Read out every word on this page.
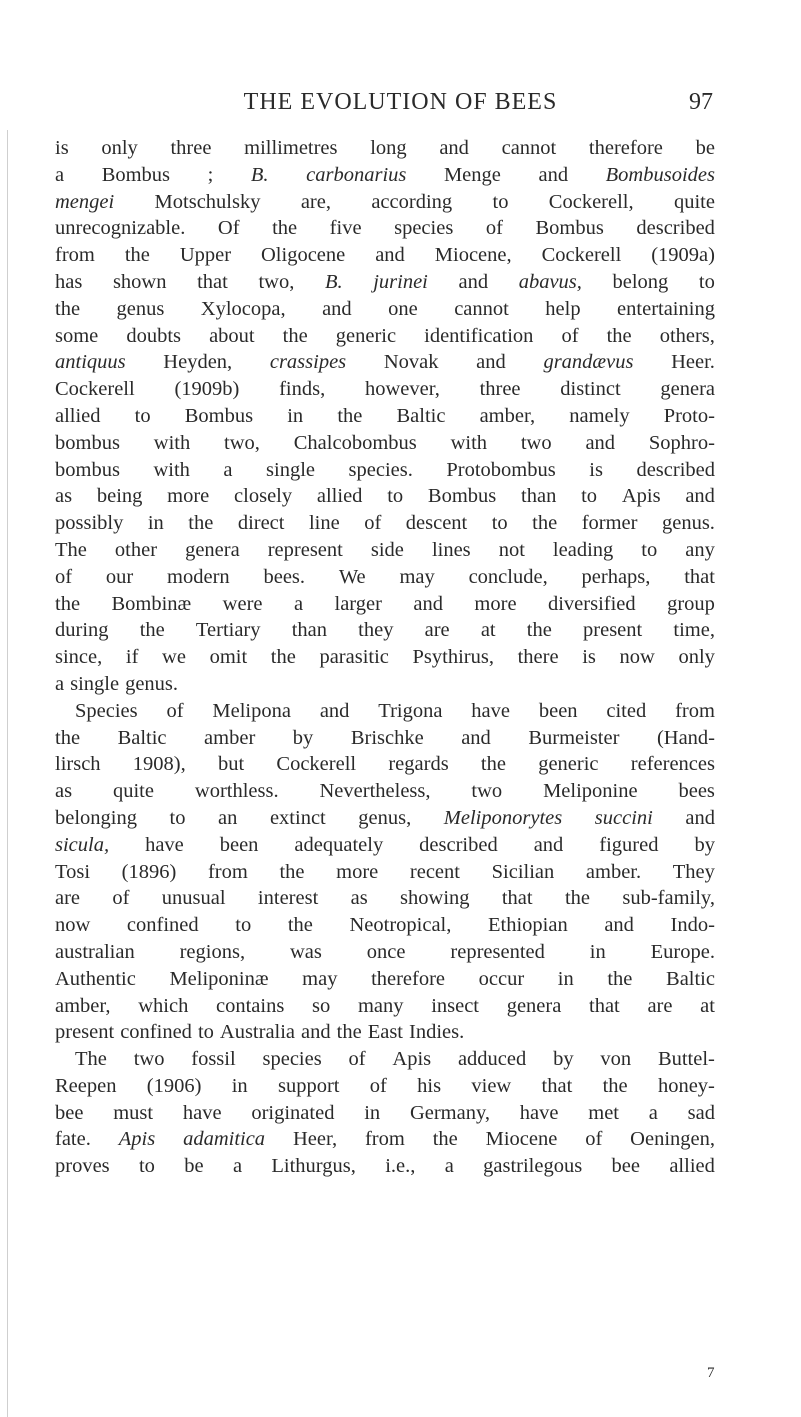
THE EVOLUTION OF BEES	97
is only three millimetres long and cannot therefore be
a Bombus ; B. carbonarius Menge and Bombusoides
mengei Motschulsky are, according to Cockerell, quite
unrecognizable. Of the five species of Bombus described
from the Upper Oligocene and Miocene, Cockerell (1909a)
has shown that two, B. jurinei and abavus, belong to
the genus Xylocopa, and one cannot help entertaining
some doubts about the generic identification of the others,
antiquus Heyden, crassipes Novak and grandævus Heer.
Cockerell (1909b) finds, however, three distinct genera
allied to Bombus in the Baltic amber, namely Proto-
bombus with two, Chalcobombus with two and Sophro-
bombus with a single species. Protobombus is described
as being more closely allied to Bombus than to Apis and
possibly in the direct line of descent to the former genus.
The other genera represent side lines not leading to any
of our modern bees. We may conclude, perhaps, that
the Bombinæ were a larger and more diversified group
during the Tertiary than they are at the present time,
since, if we omit the parasitic Psythirus, there is now only
a single genus.
Species of Melipona and Trigona have been cited from
the Baltic amber by Brischke and Burmeister (Hand-
lirsch 1908), but Cockerell regards the generic references
as quite worthless. Nevertheless, two Meliponine bees
belonging to an extinct genus, Meliponorytes succini and
sicula, have been adequately described and figured by
Tosi (1896) from the more recent Sicilian amber. They
are of unusual interest as showing that the sub-family,
now confined to the Neotropical, Ethiopian and Indo-
australian regions, was once represented in Europe.
Authentic Meliponinæ may therefore occur in the Baltic
amber, which contains so many insect genera that are at
present confined to Australia and the East Indies.
The two fossil species of Apis adduced by von Buttel-
Reepen (1906) in support of his view that the honey-
bee must have originated in Germany, have met a sad
fate. Apis adamitica Heer, from the Miocene of Oeningen,
proves to be a Lithurgus, i.e., a gastrilegous bee allied
7
